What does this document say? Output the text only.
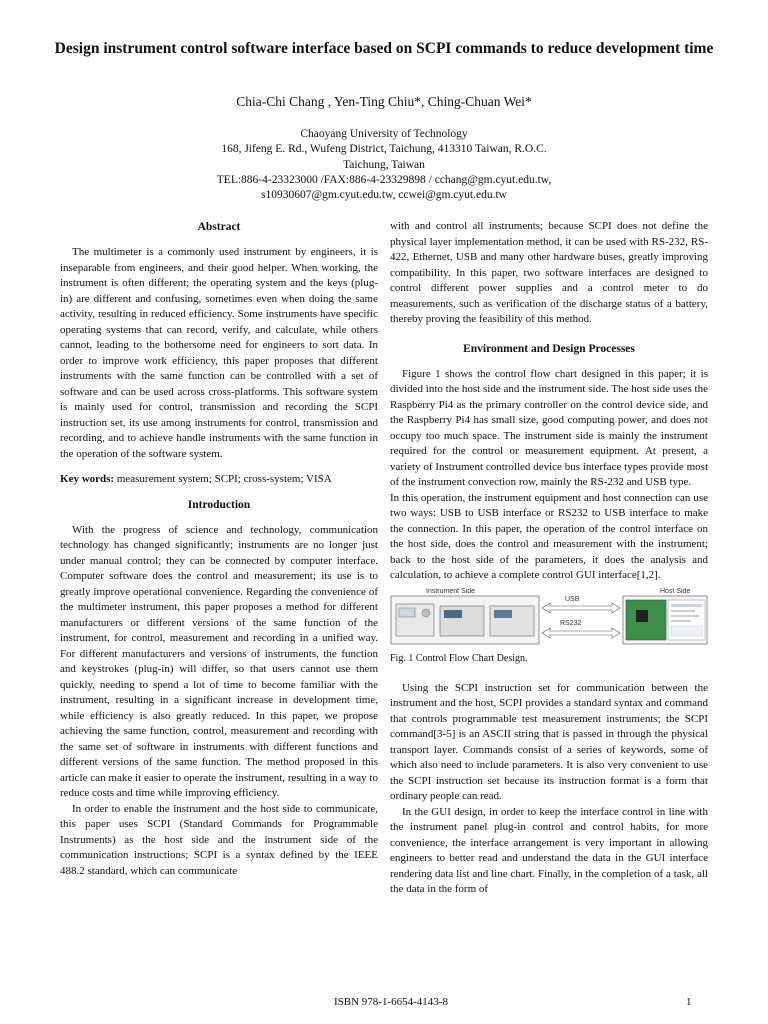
Design instrument control software interface based on SCPI commands to reduce development time
Chia-Chi Chang , Yen-Ting Chiu*, Ching-Chuan Wei*
Chaoyang University of Technology
168, Jifeng E. Rd., Wufeng District, Taichung, 413310 Taiwan, R.O.C.
Taichung, Taiwan
TEL:886-4-23323000 /FAX:886-4-23329898 / cchang@gm.cyut.edu.tw,
s10930607@gm.cyut.edu.tw, ccwei@gm.cyut.edu.tw
Abstract

The multimeter is a commonly used instrument by engineers, it is inseparable from engineers, and their good helper. When working, the instrument is often different; the operating system and the keys (plug-in) are different and confusing, sometimes even when doing the same activity, resulting in reduced efficiency. Some instruments have specific operating systems that can record, verify, and calculate, while others cannot, leading to the bothersome need for engineers to sort data. In order to improve work efficiency, this paper proposes that different instruments with the same function can be controlled with a set of software and can be used across cross-platforms. This software system is mainly used for control, transmission and recording the SCPI instruction set, its use among instruments for control, transmission and recording, and to achieve handle instruments with the same function in the operation of the software system.

Key words: measurement system; SCPI; cross-system; VISA
Introduction

With the progress of science and technology, communication technology has changed significantly; instruments are no longer just under manual control; they can be connected by computer interface. Computer software does the control and measurement; its use is to greatly improve operational convenience. Regarding the convenience of the multimeter instrument, this paper proposes a method for different manufacturers or different versions of the same function of the instrument, for control, measurement and recording in a unified way. For different manufacturers and versions of instruments, the function and keystrokes (plug-in) will differ, so that users cannot use them quickly, needing to spend a lot of time to become familiar with the instrument, resulting in a significant increase in development time, while efficiency is also greatly reduced. In this paper, we propose achieving the same function, control, measurement and recording with the same set of software in instruments with different functions and different versions of the same function. The method proposed in this article can make it easier to operate the instrument, resulting in a way to reduce costs and time while improving efficiency.

In order to enable the instrument and the host side to communicate, this paper uses SCPI (Standard Commands for Programmable Instruments) as the host side and the instrument side of the communication instructions; SCPI is a syntax defined by the IEEE 488.2 standard, which can communicate

with and control all instruments; because SCPI does not define the physical layer implementation method, it can be used with RS-232, RS-422, Ethernet, USB and many other hardware buses, greatly improving compatibility. In this paper, two software interfaces are designed to control different power supplies and a control meter to do measurements, such as verification of the discharge status of a battery, thereby proving the feasibility of this method.

Environment and Design Processes

Figure 1 shows the control flow chart designed in this paper; it is divided into the host side and the instrument side. The host side uses the Raspberry Pi4 as the primary controller on the control device side, and the Raspberry Pi4 has small size, good computing power, and does not occupy too much space. The instrument side is mainly the instrument required for the control or measurement equipment. At present, a variety of Instrument controlled device bus interface types provide most of the instrument convection row, mainly the RS-232 and USB type.

In this operation, the instrument equipment and host connection can use two ways: USB to USB interface or RS232 to USB interface to make the connection. In this paper, the operation of the control interface on the host side, does the control and measurement with the instrument; back to the host side of the parameters, it does the analysis and calculation, to achieve a complete control GUI interface[1,2].

Instrument Side
USB
RS232
Host Side
Fig. 1 Control Flow Chart Design.

Using the SCPI instruction set for communication between the instrument and the host, SCPI provides a standard syntax and command that controls programmable test measurement instruments; the SCPI command[3-5] is an ASCII string that is passed in through the physical transport layer. Commands consist of a series of keywords, some of which also need to include parameters. It is also very convenient to use the SCPI instruction set because its instruction format is a form that ordinary people can read.

In the GUI design, in order to keep the interface control in line with the instrument panel plug-in control and control habits, for more convenience, the interface arrangement is very important in allowing engineers to better read and understand the data in the GUI interface rendering data list and line chart. Finally, in the completion of a task, all the data in the form of

ISBN 978-1-6654-4143-8	1
